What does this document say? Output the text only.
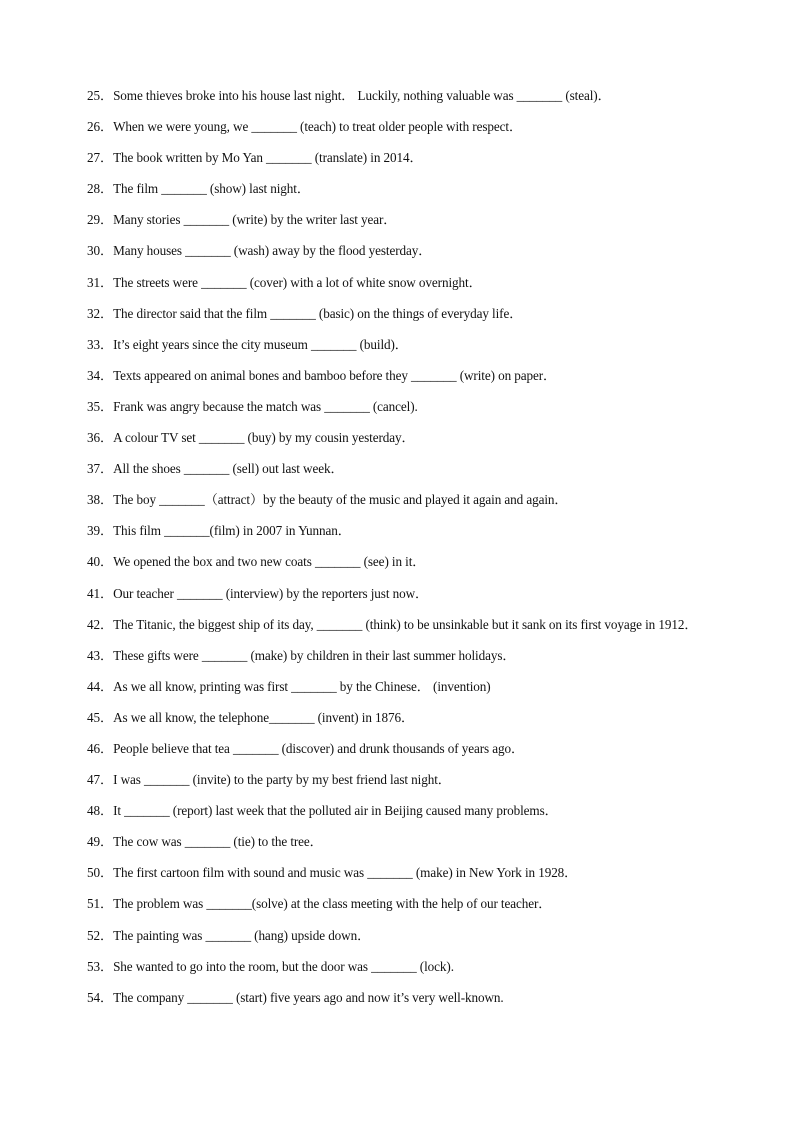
25．Some thieves broke into his house last night． Luckily, nothing valuable was _______ (steal)．
26．When we were young, we _______ (teach) to treat older people with respect．
27．The book written by Mo Yan _______ (translate) in 2014．
28．The film _______ (show) last night．
29．Many stories _______ (write) by the writer last year．
30．Many houses _______ (wash) away by the flood yesterday．
31．The streets were _______ (cover) with a lot of white snow overnight．
32．The director said that the film _______ (basic) on the things of everyday life．
33．It’s eight years since the city museum _______ (build)．
34．Texts appeared on animal bones and bamboo before they _______ (write) on paper．
35．Frank was angry because the match was _______ (cancel).
36．A colour TV set _______ (buy) by my cousin yesterday．
37．All the shoes _______ (sell) out last week．
38．The boy _______（attract）by the beauty of the music and played it again and again．
39．This film _______(film) in 2007 in Yunnan．
40．We opened the box and two new coats _______ (see) in it．
41．Our teacher _______ (interview) by the reporters just now．
42．The Titanic, the biggest ship of its day, _______ (think) to be unsinkable but it sank on its first voyage in 1912．
43．These gifts were _______ (make) by children in their last summer holidays．
44．As we all know, printing was first _______ by the Chinese． (invention)
45．As we all know, the telephone_______ (invent) in 1876．
46．People believe that tea _______ (discover) and drunk thousands of years ago．
47．I was _______ (invite) to the party by my best friend last night．
48．It _______ (report) last week that the polluted air in Beijing caused many problems．
49．The cow was _______ (tie) to the tree．
50．The first cartoon film with sound and music was _______ (make) in New York in 1928．
51．The problem was _______(solve) at the class meeting with the help of our teacher．
52．The painting was _______ (hang) upside down．
53．She wanted to go into the room, but the door was _______ (lock).
54．The company _______ (start) five years ago and now it’s very well-known.
